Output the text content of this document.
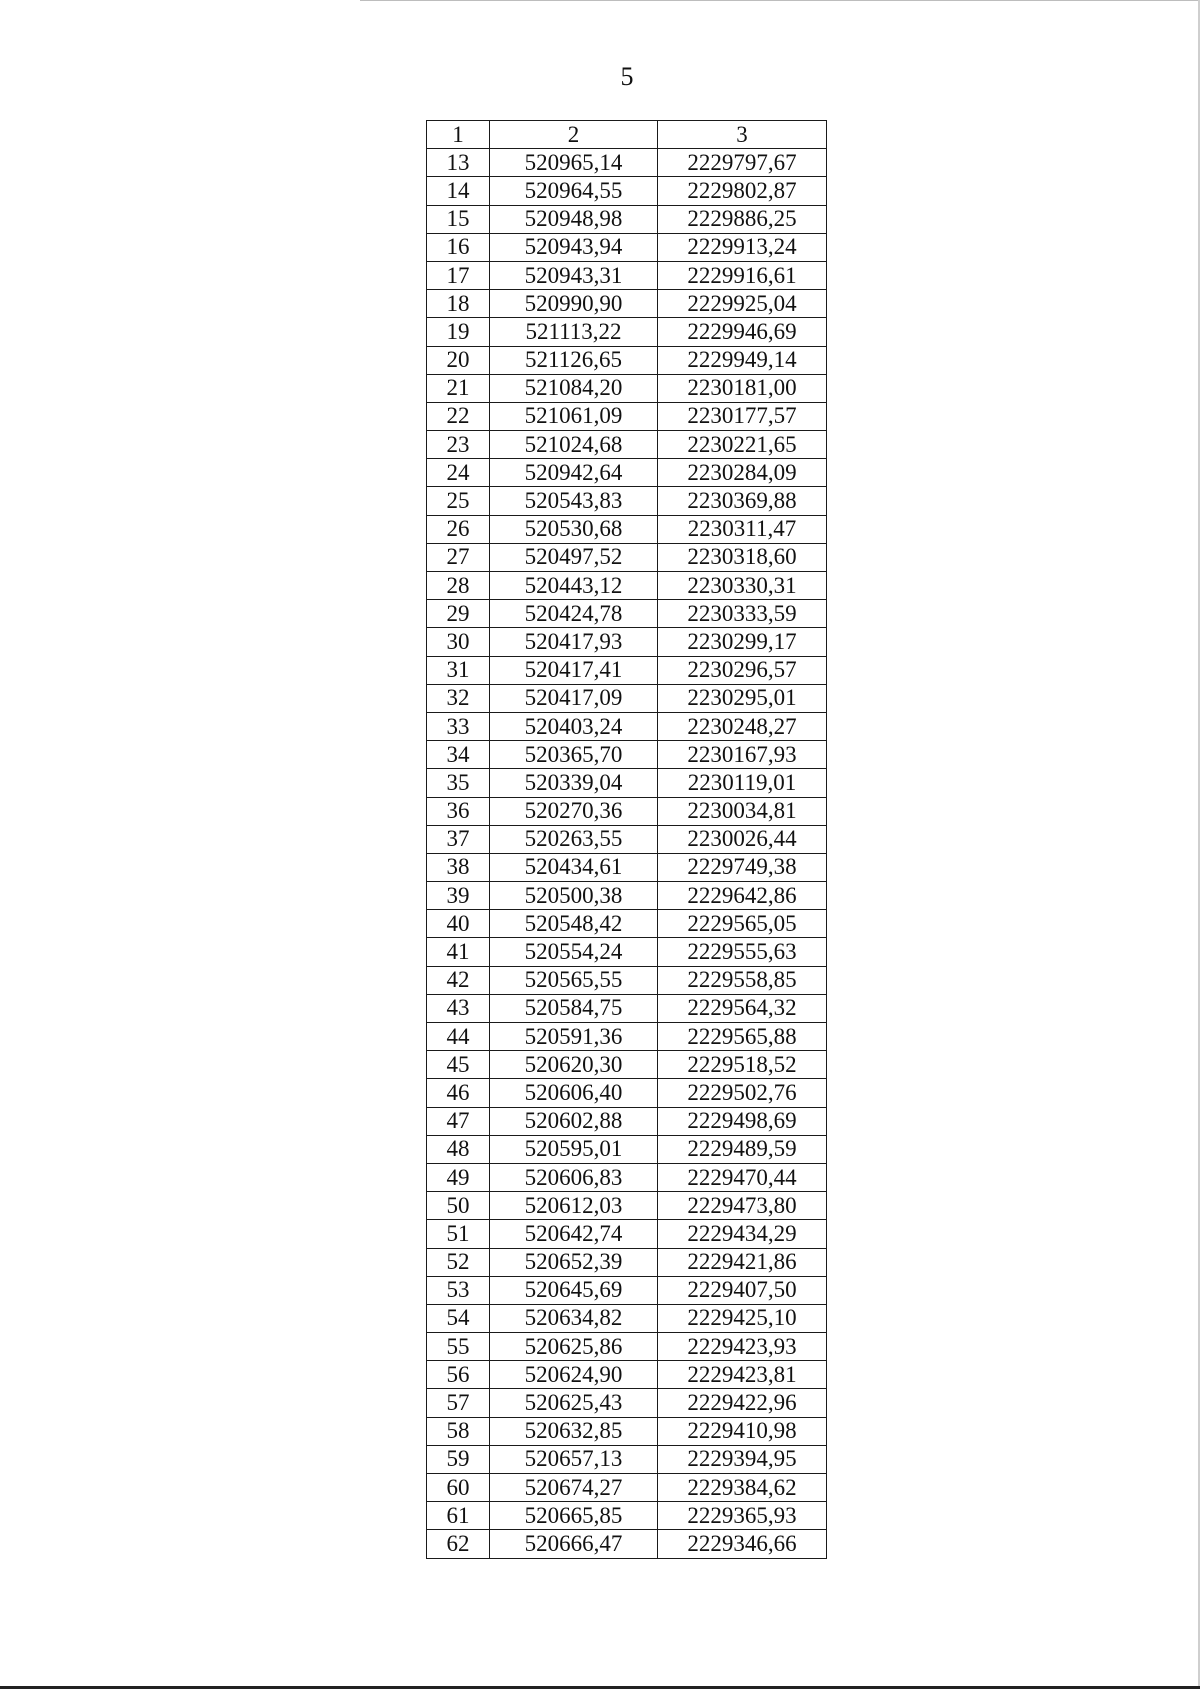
5
1	2	3
13	520965,14	2229797,67
14	520964,55	2229802,87
15	520948,98	2229886,25
16	520943,94	2229913,24
17	520943,31	2229916,61
18	520990,90	2229925,04
19	521113,22	2229946,69
20	521126,65	2229949,14
21	521084,20	2230181,00
22	521061,09	2230177,57
23	521024,68	2230221,65
24	520942,64	2230284,09
25	520543,83	2230369,88
26	520530,68	2230311,47
27	520497,52	2230318,60
28	520443,12	2230330,31
29	520424,78	2230333,59
30	520417,93	2230299,17
31	520417,41	2230296,57
32	520417,09	2230295,01
33	520403,24	2230248,27
34	520365,70	2230167,93
35	520339,04	2230119,01
36	520270,36	2230034,81
37	520263,55	2230026,44
38	520434,61	2229749,38
39	520500,38	2229642,86
40	520548,42	2229565,05
41	520554,24	2229555,63
42	520565,55	2229558,85
43	520584,75	2229564,32
44	520591,36	2229565,88
45	520620,30	2229518,52
46	520606,40	2229502,76
47	520602,88	2229498,69
48	520595,01	2229489,59
49	520606,83	2229470,44
50	520612,03	2229473,80
51	520642,74	2229434,29
52	520652,39	2229421,86
53	520645,69	2229407,50
54	520634,82	2229425,10
55	520625,86	2229423,93
56	520624,90	2229423,81
57	520625,43	2229422,96
58	520632,85	2229410,98
59	520657,13	2229394,95
60	520674,27	2229384,62
61	520665,85	2229365,93
62	520666,47	2229346,66
